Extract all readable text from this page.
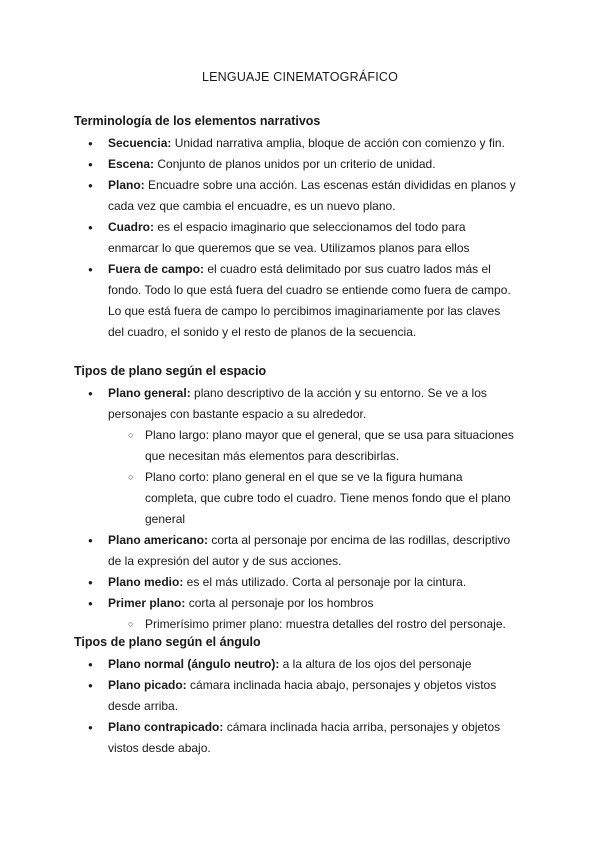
LENGUAJE CINEMATOGRÁFICO

Terminología de los elementos narrativos

● Secuencia: Unidad narrativa amplia, bloque de acción con comienzo y fin.
● Escena: Conjunto de planos unidos por un criterio de unidad.
● Plano: Encuadre sobre una acción. Las escenas están divididas en planos y cada vez que cambia el encuadre, es un nuevo plano.
● Cuadro: es el espacio imaginario que seleccionamos del todo para enmarcar lo que queremos que se vea. Utilizamos planos para ellos
● Fuera de campo: el cuadro está delimitado por sus cuatro lados más el fondo. Todo lo que está fuera del cuadro se entiende como fuera de campo. Lo que está fuera de campo lo percibimos imaginariamente por las claves del cuadro, el sonido y el resto de planos de la secuencia.

Tipos de plano según el espacio

● Plano general: plano descriptivo de la acción y su entorno. Se ve a los personajes con bastante espacio a su alrededor.
○ Plano largo: plano mayor que el general, que se usa para situaciones que necesitan más elementos para describirlas.
○ Plano corto: plano general en el que se ve la figura humana completa, que cubre todo el cuadro. Tiene menos fondo que el plano general
● Plano americano: corta al personaje por encima de las rodillas, descriptivo de la expresión del autor y de sus acciones.
● Plano medio: es el más utilizado. Corta al personaje por la cintura.
● Primer plano: corta al personaje por los hombros
○ Primerísimo primer plano: muestra detalles del rostro del personaje.

Tipos de plano según el ángulo

● Plano normal (ángulo neutro): a la altura de los ojos del personaje
● Plano picado: cámara inclinada hacia abajo, personajes y objetos vistos desde arriba.
● Plano contrapicado: cámara inclinada hacia arriba, personajes y objetos vistos desde abajo.
